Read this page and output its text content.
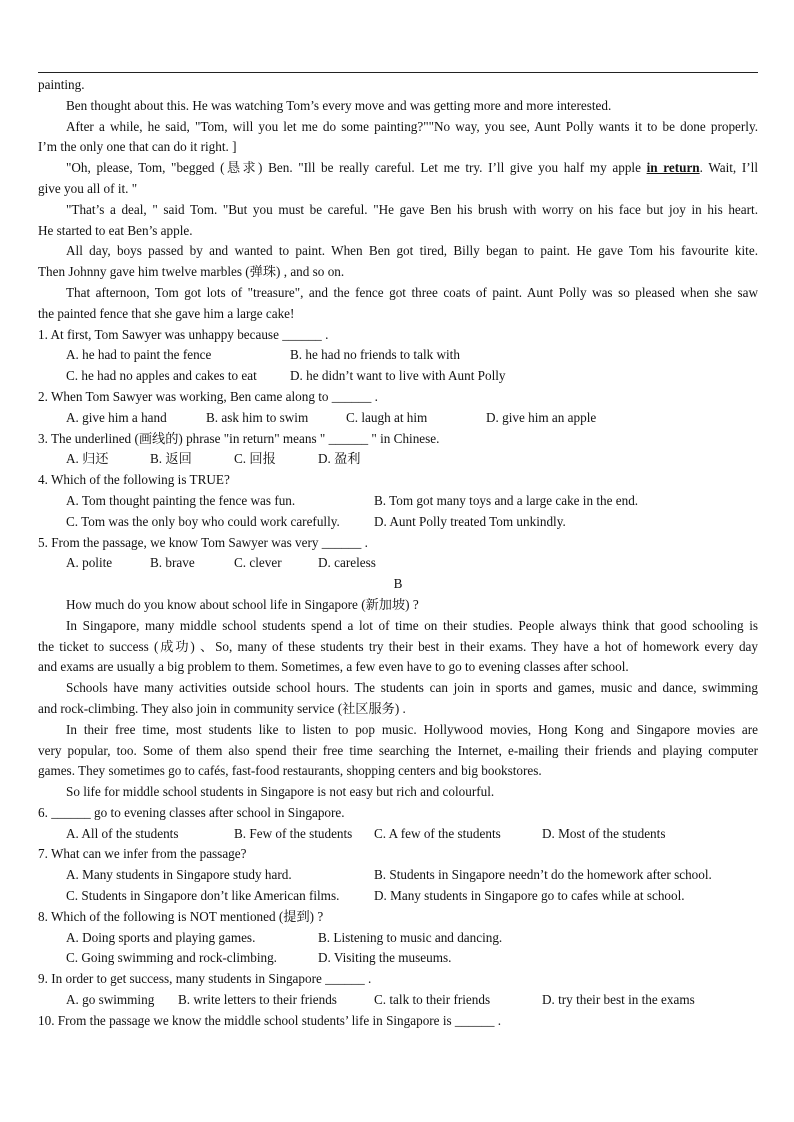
painting.
Ben thought about this. He was watching Tom’s every move and was getting more and more interested.
After a while, he said, "Tom, will you let me do some painting?""No way, you see, Aunt Polly wants it to be done properly.
I’m the only one that can do it right. ]
"Oh, please, Tom, "begged (恳求) Ben. "Ill be really careful. Let me try. I’ll give you half my apple in return. Wait, I’ll
give you all of it. "
"That’s a deal, " said Tom. "But you must be careful. "He gave Ben his brush with worry on his face but joy in his heart.
He started to eat Ben’s apple.
All day, boys passed by and wanted to paint. When Ben got tired, Billy began to paint. He gave Tom his favourite kite.
Then Johnny gave him twelve marbles (弹珠) , and so on.
That afternoon, Tom got lots of "treasure", and the fence got three coats of paint. Aunt Polly was so pleased when she saw
the painted fence that she gave him a large cake!
1. At first, Tom Sawyer was unhappy because ______ .
A. he had to paint the fence	B. he had no friends to talk with
C. he had no apples and cakes to eat	D. he didn’t want to live with Aunt Polly
2. When Tom Sawyer was working, Ben came along to ______ .
A. give him a hand	B. ask him to swim	C. laugh at him	D. give him an apple
3. The underlined (画线的) phrase "in return" means " ______ " in Chinese.
A. 归还	B. 返回	C. 回报	D. 盈利
4. Which of the following is TRUE?
A. Tom thought painting the fence was fun.	B. Tom got many toys and a large cake in the end.
C. Tom was the only boy who could work carefully.	D. Aunt Polly treated Tom unkindly.
5. From the passage, we know Tom Sawyer was very ______ .
A. polite	B. brave	C. clever	D. careless
B
How much do you know about school life in Singapore (新加坡) ?
In Singapore, many middle school students spend a lot of time on their studies. People always think that good schooling is
the ticket to success (成功) 、So, many of these students try their best in their exams. They have a hot of homework every day
and exams are usually a big problem to them. Sometimes, a few even have to go to evening classes after school.
Schools have many activities outside school hours. The students can join in sports and games, music and dance, swimming
and rock-climbing. They also join in community service (社区服务) .
In their free time, most students like to listen to pop music. Hollywood movies, Hong Kong and Singapore movies are
very popular, too. Some of them also spend their free time searching the Internet, e-mailing their friends and playing computer
games. They sometimes go to cafés, fast-food restaurants, shopping centers and big bookstores.
So life for middle school students in Singapore is not easy but rich and colourful.
6. ______ go to evening classes after school in Singapore.
A. All of the students	B. Few of the students	C. A few of the students	D. Most of the students
7. What can we infer from the passage?
A. Many students in Singapore study hard.	B. Students in Singapore needn’t do the homework after school.
C. Students in Singapore don’t like American films.	D. Many students in Singapore go to cafes while at school.
8. Which of the following is NOT mentioned (提到) ?
A. Doing sports and playing games.	B. Listening to music and dancing.
C. Going swimming and rock-climbing.	D. Visiting the museums.
9. In order to get success, many students in Singapore ______ .
A. go swimming	B. write letters to their friends	C. talk to their friends	D. try their best in the exams
10. From the passage we know the middle school students’ life in Singapore is ______ .
